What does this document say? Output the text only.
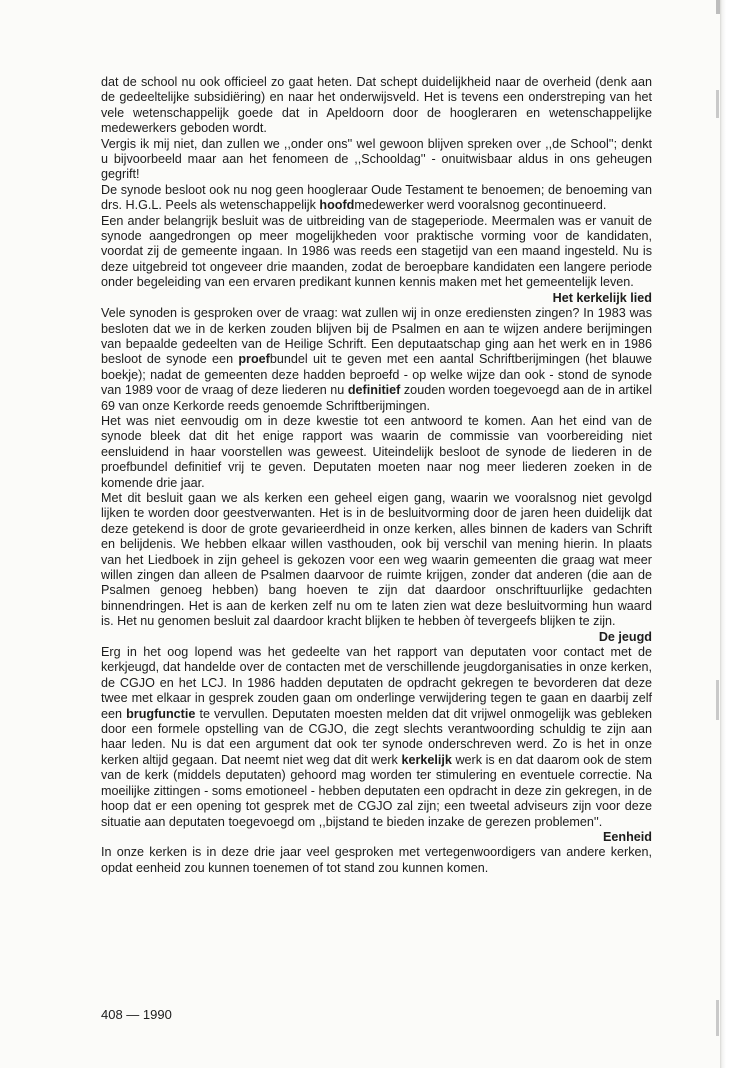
dat de school nu ook officieel zo gaat heten. Dat schept duidelijkheid naar de overheid (denk aan de gedeeltelijke subsidiëring) en naar het onderwijsveld. Het is tevens een onderstreping van het vele wetenschappelijk goede dat in Apeldoorn door de hoogleraren en wetenschappelijke medewerkers geboden wordt.

Vergis ik mij niet, dan zullen we ,,onder ons'' wel gewoon blijven spreken over ,,de School''; denkt u bijvoorbeeld maar aan het fenomeen de ,,Schooldag'' - onuitwisbaar aldus in ons geheugen gegrift!

De synode besloot ook nu nog geen hoogleraar Oude Testament te benoemen; de benoeming van drs. H.G.L. Peels als wetenschappelijk hoofdmedewerker werd vooralsnog gecontinueerd.

Een ander belangrijk besluit was de uitbreiding van de stageperiode. Meermalen was er vanuit de synode aangedrongen op meer mogelijkheden voor praktische vorming voor de kandidaten, voordat zij de gemeente ingaan. In 1986 was reeds een stagetijd van een maand ingesteld. Nu is deze uitgebreid tot ongeveer drie maanden, zodat de beroepbare kandidaten een langere periode onder begeleiding van een ervaren predikant kunnen kennis maken met het gemeentelijk leven.

Het kerkelijk lied

Vele synoden is gesproken over de vraag: wat zullen wij in onze erediensten zingen? In 1983 was besloten dat we in de kerken zouden blijven bij de Psalmen en aan te wijzen andere berijmingen van bepaalde gedeelten van de Heilige Schrift. Een deputaatschap ging aan het werk en in 1986 besloot de synode een proefbundel uit te geven met een aantal Schriftberijmingen (het blauwe boekje); nadat de gemeenten deze hadden beproefd - op welke wijze dan ook - stond de synode van 1989 voor de vraag of deze liederen nu definitief zouden worden toegevoegd aan de in artikel 69 van onze Kerkorde reeds genoemde Schriftberijmingen.

Het was niet eenvoudig om in deze kwestie tot een antwoord te komen. Aan het eind van de synode bleek dat dit het enige rapport was waarin de commissie van voorbereiding niet eensluidend in haar voorstellen was geweest. Uiteindelijk besloot de synode de liederen in de proefbundel definitief vrij te geven. Deputaten moeten naar nog meer liederen zoeken in de komende drie jaar.

Met dit besluit gaan we als kerken een geheel eigen gang, waarin we vooralsnog niet gevolgd lijken te worden door geestverwanten. Het is in de besluitvorming door de jaren heen duidelijk dat deze getekend is door de grote gevarieerdheid in onze kerken, alles binnen de kaders van Schrift en belijdenis. We hebben elkaar willen vasthouden, ook bij verschil van mening hierin. In plaats van het Liedboek in zijn geheel is gekozen voor een weg waarin gemeenten die graag wat meer willen zingen dan alleen de Psalmen daarvoor de ruimte krijgen, zonder dat anderen (die aan de Psalmen genoeg hebben) bang hoeven te zijn dat daardoor onschriftuurlijke gedachten binnendringen. Het is aan de kerken zelf nu om te laten zien wat deze besluitvorming hun waard is. Het nu genomen besluit zal daardoor kracht blijken te hebben òf tevergeefs blijken te zijn.

De jeugd

Erg in het oog lopend was het gedeelte van het rapport van deputaten voor contact met de kerkjeugd, dat handelde over de contacten met de verschillende jeugdorganisaties in onze kerken, de CGJO en het LCJ. In 1986 hadden deputaten de opdracht gekregen te bevorderen dat deze twee met elkaar in gesprek zouden gaan om onderlinge verwijdering tegen te gaan en daarbij zelf een brugfunctie te vervullen. Deputaten moesten melden dat dit vrijwel onmogelijk was gebleken door een formele opstelling van de CGJO, die zegt slechts verantwoording schuldig te zijn aan haar leden. Nu is dat een argument dat ook ter synode onderschreven werd. Zo is het in onze kerken altijd gegaan. Dat neemt niet weg dat dit werk kerkelijk werk is en dat daarom ook de stem van de kerk (middels deputaten) gehoord mag worden ter stimulering en eventuele correctie. Na moeilijke zittingen - soms emotioneel - hebben deputaten een opdracht in deze zin gekregen, in de hoop dat er een opening tot gesprek met de CGJO zal zijn; een tweetal adviseurs zijn voor deze situatie aan deputaten toegevoegd om ,,bijstand te bieden inzake de gerezen problemen''.

Eenheid

In onze kerken is in deze drie jaar veel gesproken met vertegenwoordigers van andere kerken, opdat eenheid zou kunnen toenemen of tot stand zou kunnen komen.

408 — 1990
